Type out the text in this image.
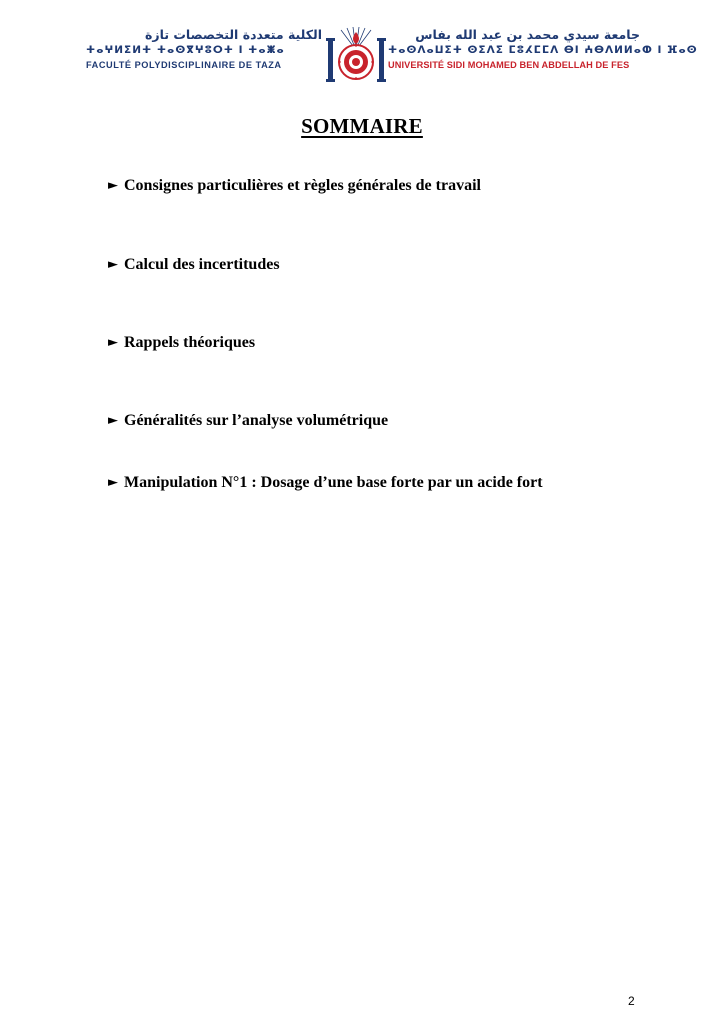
الكلية متعددة التخصصات تازة
ⵜⴰⵖⵍⵉⵍⵜ ⵜⴰⵙⴳⵖⵓⵔⵜ ⵏ ⵜⴰⵥⴰ
FACULTÉ POLYDISCIPLINAIRE DE TAZA
جامعة سيدي محمد بن عبد الله بفاس
ⵜⴰⵙⴷⴰⵡⵉⵜ ⵙⵉⴷⵉ ⵎⵓⵃⵎⵎⴷ ⴱⵏ ⵄⴱⴷⵍⵍⴰⵀ ⵏ ⴼⴰⵙ
UNIVERSITÉ SIDI MOHAMED BEN ABDELLAH DE FES
SOMMAIRE
► Consignes particulières et règles générales de travail
► Calcul des incertitudes
► Rappels théoriques
► Généralités sur l’analyse volumétrique
► Manipulation N°1 : Dosage d’une base forte par un acide fort
2
